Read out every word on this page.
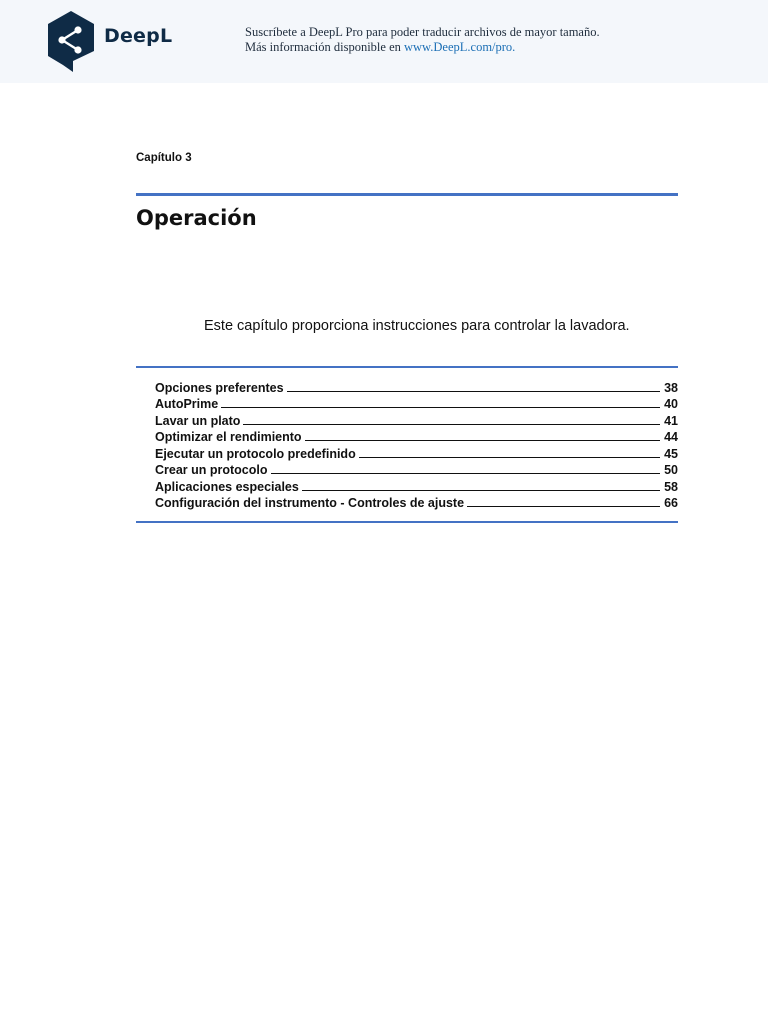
DeepL	Suscríbete a DeepL Pro para poder traducir archivos de mayor tamaño.
Más información disponible en www.DeepL.com/pro.
Capítulo 3
Operación
Este capítulo proporciona instrucciones para controlar la lavadora.
Opciones preferentes	38
AutoPrime	40
Lavar un plato	41
Optimizar el rendimiento	44
Ejecutar un protocolo predefinido	45
Crear un protocolo	50
Aplicaciones especiales	58
Configuración del instrumento - Controles de ajuste	66
